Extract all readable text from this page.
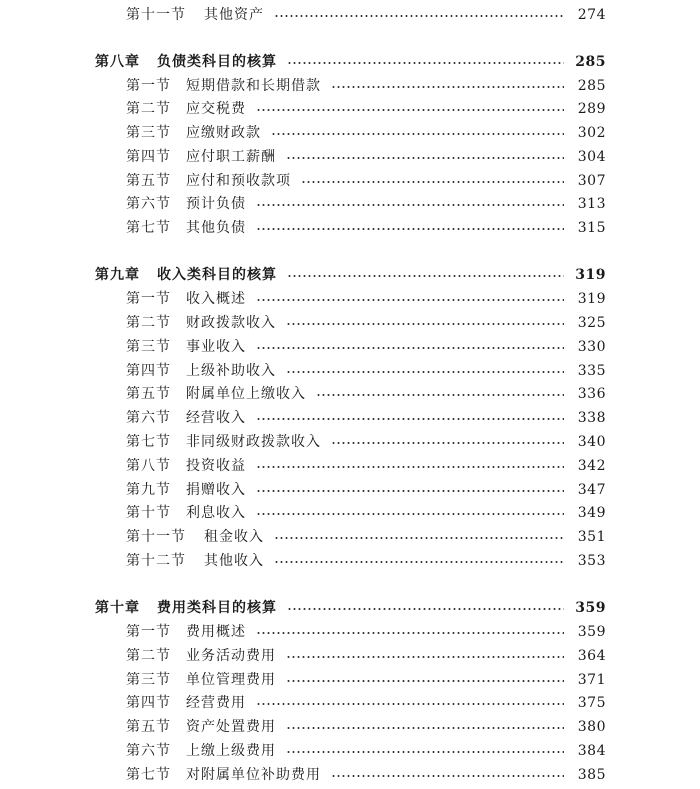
第十一节	其他资产	274
第八章	负债类科目的核算	285
第一节	短期借款和长期借款	285
第二节	应交税费	289
第三节	应缴财政款	302
第四节	应付职工薪酬	304
第五节	应付和预收款项	307
第六节	预计负债	313
第七节	其他负债	315
第九章	收入类科目的核算	319
第一节	收入概述	319
第二节	财政拨款收入	325
第三节	事业收入	330
第四节	上级补助收入	335
第五节	附属单位上缴收入	336
第六节	经营收入	338
第七节	非同级财政拨款收入	340
第八节	投资收益	342
第九节	捐赠收入	347
第十节	利息收入	349
第十一节	租金收入	351
第十二节	其他收入	353
第十章	费用类科目的核算	359
第一节	费用概述	359
第二节	业务活动费用	364
第三节	单位管理费用	371
第四节	经营费用	375
第五节	资产处置费用	380
第六节	上缴上级费用	384
第七节	对附属单位补助费用	385
